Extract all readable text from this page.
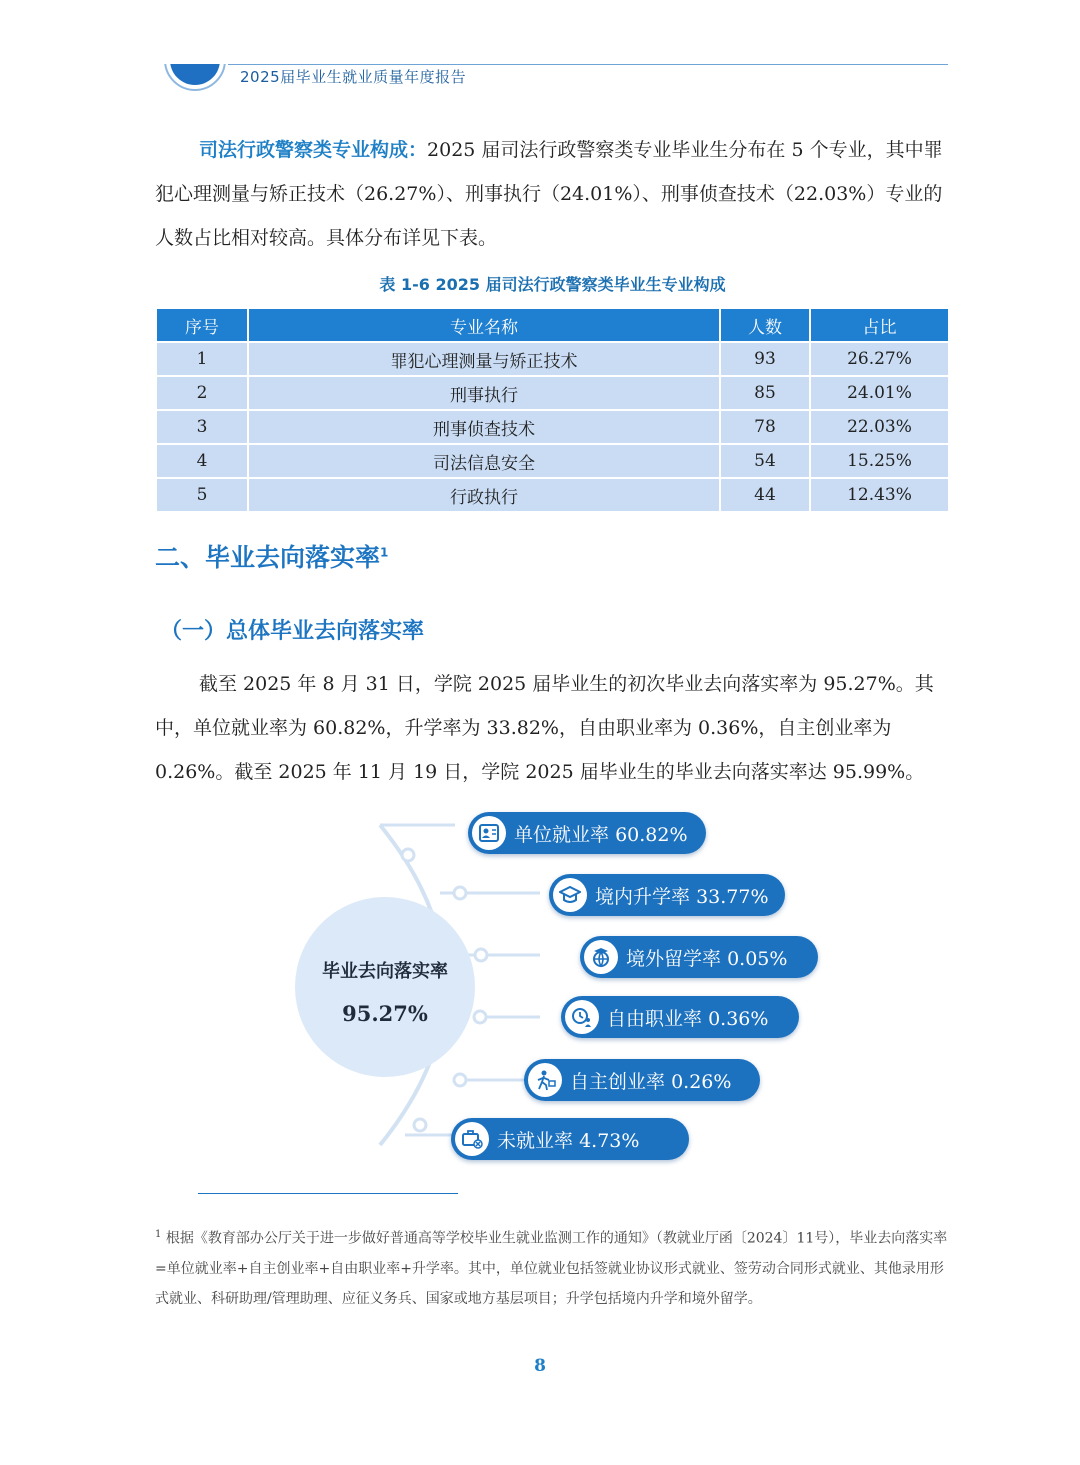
2025届毕业生就业质量年度报告
司法行政警察类专业构成：2025 届司法行政警察类专业毕业生分布在 5 个专业，其中罪犯心理测量与矫正技术（26.27%）、刑事执行（24.01%）、刑事侦查技术（22.03%）专业的人数占比相对较高。具体分布详见下表。
表 1-6 2025 届司法行政警察类毕业生专业构成
序号	专业名称	人数	占比
1	罪犯心理测量与矫正技术	93	26.27%
2	刑事执行	85	24.01%
3	刑事侦查技术	78	22.03%
4	司法信息安全	54	15.25%
5	行政执行	44	12.43%
二、毕业去向落实率$^1$
（一）总体毕业去向落实率
截至 2025 年 8 月 31 日，学院 2025 届毕业生的初次毕业去向落实率为 95.27%。其中，单位就业率为 60.82%，升学率为 33.82%，自由职业率为 0.36%，自主创业率为 0.26%。截至 2025 年 11 月 19 日，学院 2025 届毕业生的毕业去向落实率达 95.99%。
毕业去向落实率
95.27%
单位就业率 60.82%
境内升学率 33.77%
境外留学率 0.05%
自由职业率 0.36%
自主创业率 0.26%
未就业率 4.73%
$^1$ 根据《教育部办公厅关于进一步做好普通高等学校毕业生就业监测工作的通知》（教就业厅函〔2024〕11号），毕业去向落实率=单位就业率+自主创业率+自由职业率+升学率。其中，单位就业包括签就业协议形式就业、签劳动合同形式就业、其他录用形式就业、科研助理/管理助理、应征义务兵、国家或地方基层项目；升学包括境内升学和境外留学。
8
